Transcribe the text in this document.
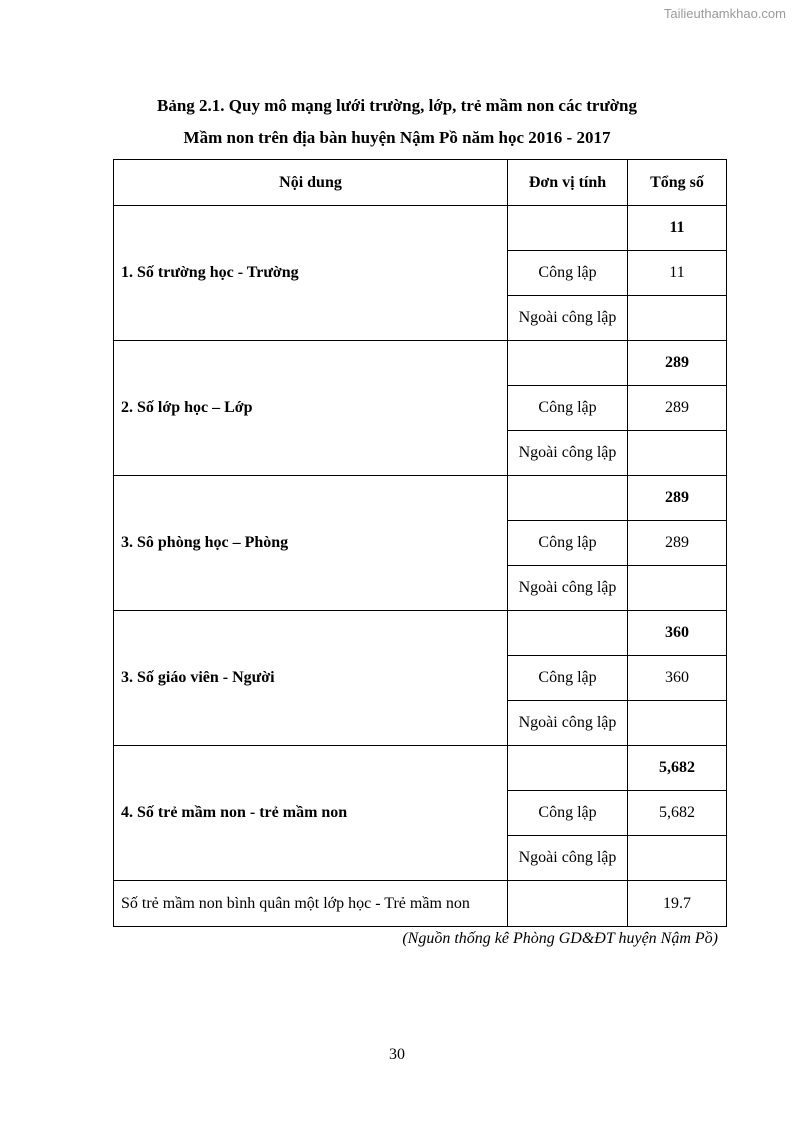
Tailieuthamkhao.com
Bảng 2.1. Quy mô mạng lưới trường, lớp, trẻ mầm non các trường
Mầm non trên địa bàn huyện Nậm Pồ năm học 2016 - 2017
Nội dung	Đơn vị tính	Tổng số
1. Số trường học - Trường		11
	Công lập	11
	Ngoài công lập	
2. Số lớp học – Lớp		289
	Công lập	289
	Ngoài công lập	
3. Sô phòng học – Phòng		289
	Công lập	289
	Ngoài công lập	
3. Số giáo viên - Người		360
	Công lập	360
	Ngoài công lập	
4. Số trẻ mầm non - trẻ mầm non		5,682
	Công lập	5,682
	Ngoài công lập	
Số trẻ mầm non bình quân một lớp học - Trẻ mầm non		19.7
(Nguồn thống kê Phòng GD&ĐT huyện Nậm Pồ)
30
